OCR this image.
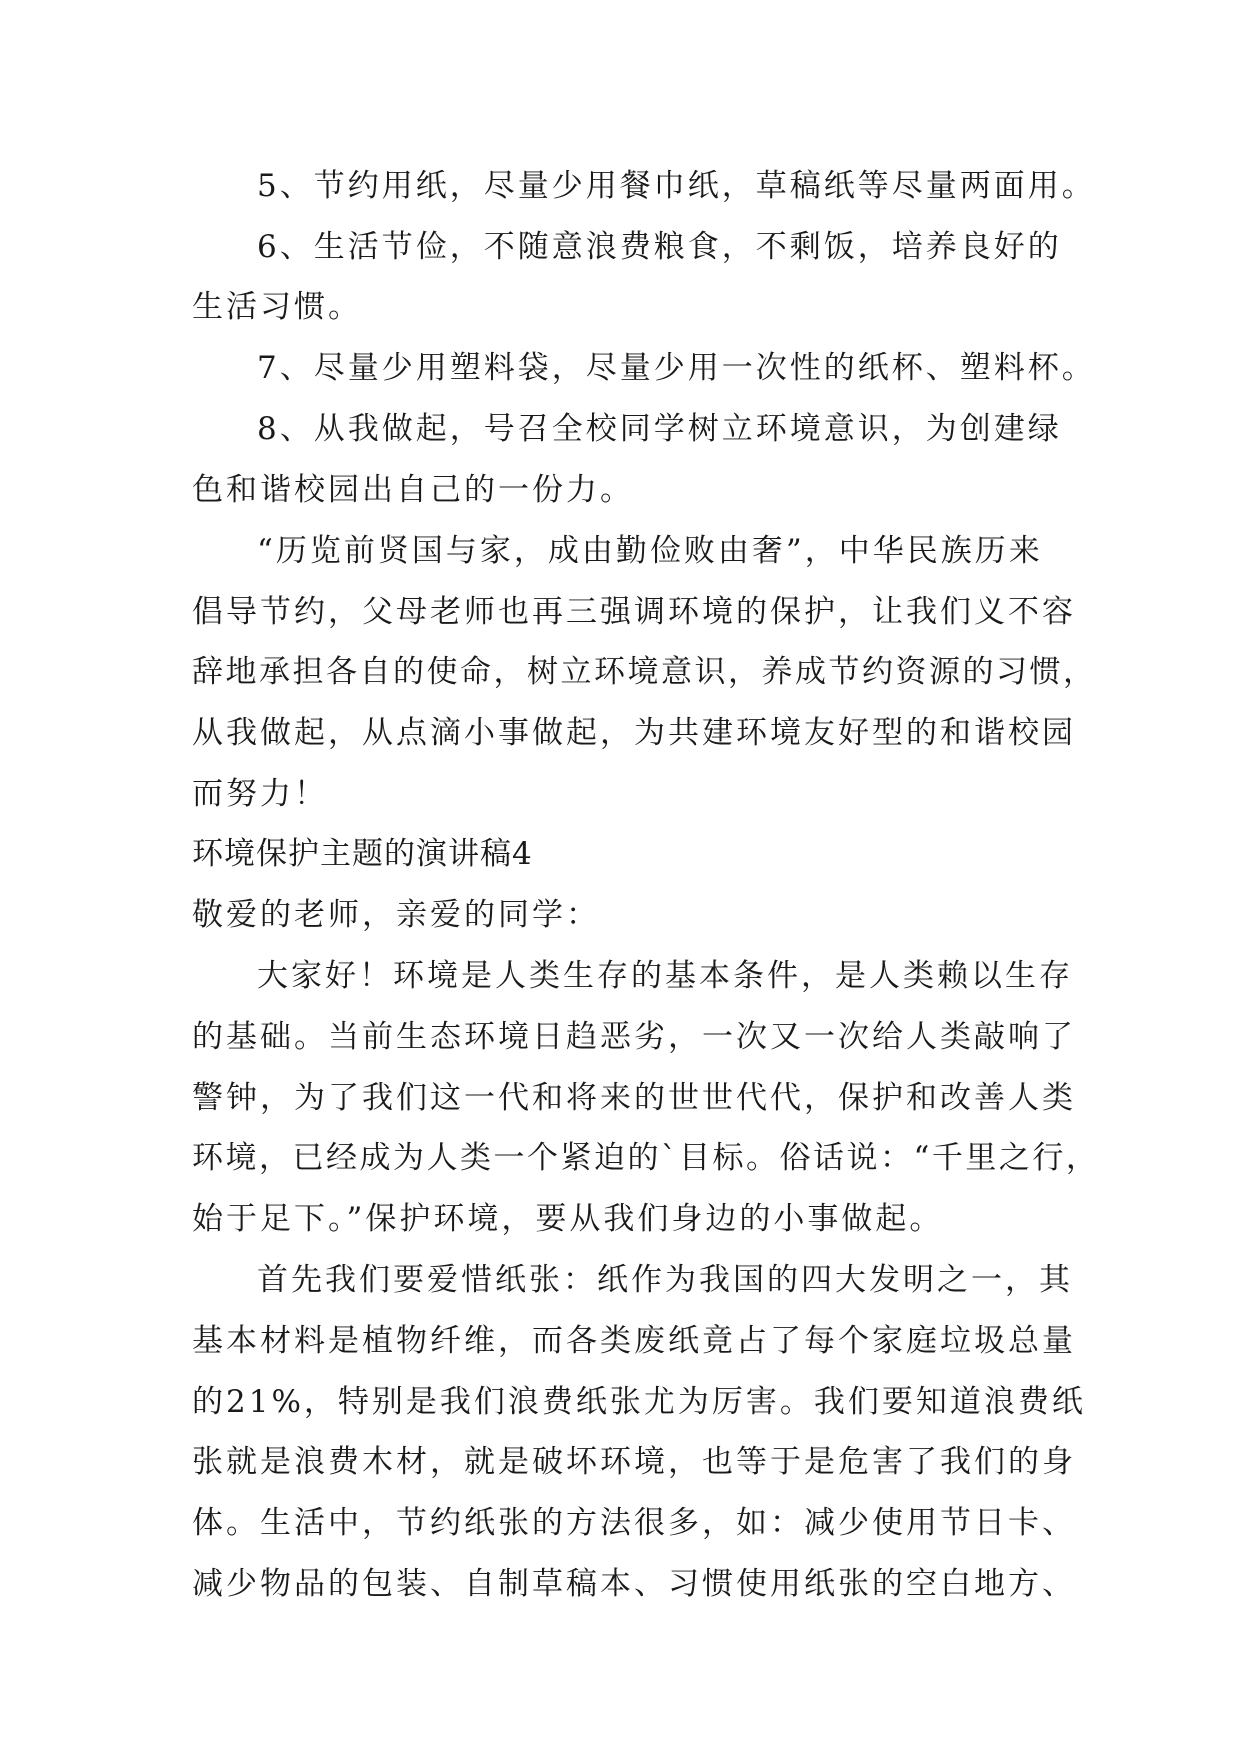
5、节约用纸，尽量少用餐巾纸，草稿纸等尽量两面用。
6、生活节俭，不随意浪费粮食，不剩饭，培养良好的
生活习惯。
7、尽量少用塑料袋，尽量少用一次性的纸杯、塑料杯。
8、从我做起，号召全校同学树立环境意识，为创建绿
色和谐校园出自己的一份力。
“历览前贤国与家，成由勤俭败由奢”，中华民族历来
倡导节约，父母老师也再三强调环境的保护，让我们义不容
辞地承担各自的使命，树立环境意识，养成节约资源的习惯，
从我做起，从点滴小事做起，为共建环境友好型的和谐校园
而努力！
环境保护主题的演讲稿4
敬爱的老师，亲爱的同学：
大家好！环境是人类生存的基本条件，是人类赖以生存
的基础。当前生态环境日趋恶劣，一次又一次给人类敲响了
警钟，为了我们这一代和将来的世世代代，保护和改善人类
环境，已经成为人类一个紧迫的`目标。俗话说：“千里之行，
始于足下。”保护环境，要从我们身边的小事做起。
首先我们要爱惜纸张：纸作为我国的四大发明之一，其
基本材料是植物纤维，而各类废纸竟占了每个家庭垃圾总量
的21%，特别是我们浪费纸张尤为厉害。我们要知道浪费纸
张就是浪费木材，就是破坏环境，也等于是危害了我们的身
体。生活中，节约纸张的方法很多，如：减少使用节日卡、
减少物品的包装、自制草稿本、习惯使用纸张的空白地方、
